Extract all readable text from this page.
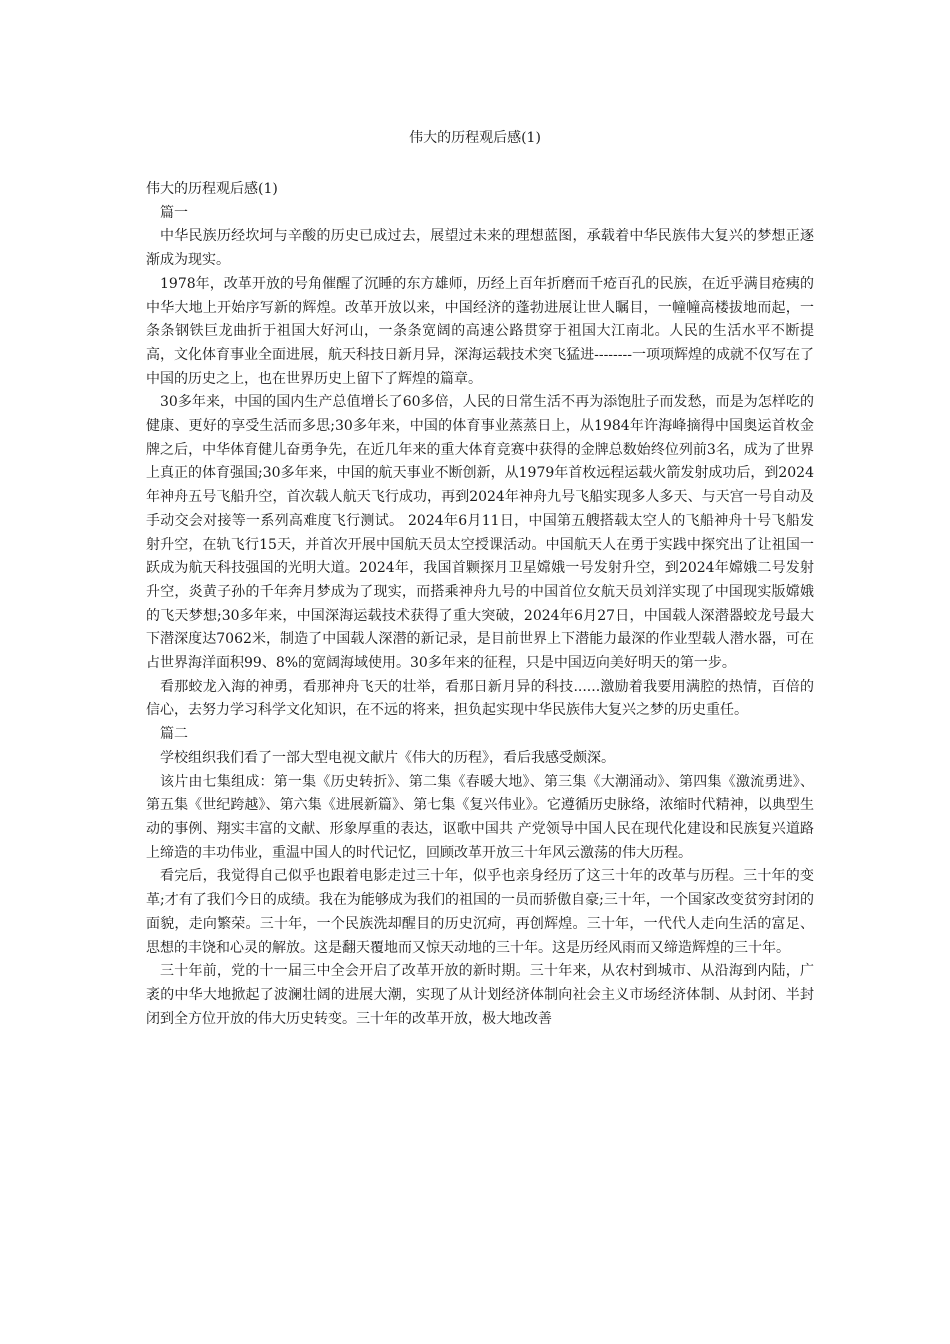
伟大的历程观后感(1)

伟大的历程观后感(1)

篇一

中华民族历经坎坷与辛酸的历史已成过去，展望过未来的理想蓝图，承载着中华民族伟大复兴的梦想正逐渐成为现实。

1978年，改革开放的号角催醒了沉睡的东方雄师，历经上百年折磨而千疮百孔的民族，在近乎满目疮痍的中华大地上开始序写新的辉煌。改革开放以来，中国经济的蓬勃进展让世人瞩目，一幢幢高楼拔地而起，一条条钢铁巨龙曲折于祖国大好河山，一条条宽阔的高速公路贯穿于祖国大江南北。人民的生活水平不断提高，文化体育事业全面进展，航天科技日新月异，深海运载技术突飞猛进--------一项项辉煌的成就不仅写在了中国的历史之上，也在世界历史上留下了辉煌的篇章。

30多年来，中国的国内生产总值增长了60多倍，人民的日常生活不再为添饱肚子而发愁，而是为怎样吃的健康、更好的享受生活而多思;30多年来，中国的体育事业蒸蒸日上，从1984年许海峰摘得中国奥运首枚金牌之后，中华体育健儿奋勇争先，在近几年来的重大体育竞赛中获得的金牌总数始终位列前3名，成为了世界上真正的体育强国;30多年来，中国的航天事业不断创新，从1979年首枚远程运载火箭发射成功后，到2024年神舟五号飞船升空，首次载人航天飞行成功，再到2024年神舟九号飞船实现多人多天、与天宫一号自动及手动交会对接等一系列高难度飞行测试。 2024年6月11日，中国第五艘搭载太空人的飞船神舟十号飞船发射升空，在轨飞行15天，并首次开展中国航天员太空授课活动。中国航天人在勇于实践中探究出了让祖国一跃成为航天科技强国的光明大道。2024年，我国首颗探月卫星嫦娥一号发射升空，到2024年嫦娥二号发射升空，炎黄子孙的千年奔月梦成为了现实，而搭乘神舟九号的中国首位女航天员刘洋实现了中国现实版嫦娥的飞天梦想;30多年来，中国深海运载技术获得了重大突破，2024年6月27日，中国载人深潜器蛟龙号最大下潜深度达7062米，制造了中国载人深潜的新记录，是目前世界上下潜能力最深的作业型载人潜水器，可在占世界海洋面积99、8%的宽阔海域使用。30多年来的征程，只是中国迈向美好明天的第一步。

看那蛟龙入海的神勇，看那神舟飞天的壮举，看那日新月异的科技......激励着我要用满腔的热情，百倍的信心，去努力学习科学文化知识，在不远的将来，担负起实现中华民族伟大复兴之梦的历史重任。

篇二

学校组织我们看了一部大型电视文献片《伟大的历程》，看后我感受颇深。

该片由七集组成：第一集《历史转折》、第二集《春暖大地》、第三集《大潮涌动》、第四集《激流勇进》、第五集《世纪跨越》、第六集《进展新篇》、第七集《复兴伟业》。它遵循历史脉络，浓缩时代精神，以典型生动的事例、翔实丰富的文献、形象厚重的表达，讴歌中国共 产党领导中国人民在现代化建设和民族复兴道路上缔造的丰功伟业，重温中国人的时代记忆，回顾改革开放三十年风云激荡的伟大历程。

看完后，我觉得自己似乎也跟着电影走过三十年，似乎也亲身经历了这三十年的改革与历程。三十年的变革;才有了我们今日的成绩。我在为能够成为我们的祖国的一员而骄傲自豪;三十年，一个国家改变贫穷封闭的面貌，走向繁荣。三十年，一个民族洗却醒目的历史沉疴，再创辉煌。三十年，一代代人走向生活的富足、思想的丰饶和心灵的解放。这是翻天覆地而又惊天动地的三十年。这是历经风雨而又缔造辉煌的三十年。

三十年前，党的十一届三中全会开启了改革开放的新时期。三十年来，从农村到城市、从沿海到内陆，广袤的中华大地掀起了波澜壮阔的进展大潮，实现了从计划经济体制向社会主义市场经济体制、从封闭、半封闭到全方位开放的伟大历史转变。三十年的改革开放，极大地改善
